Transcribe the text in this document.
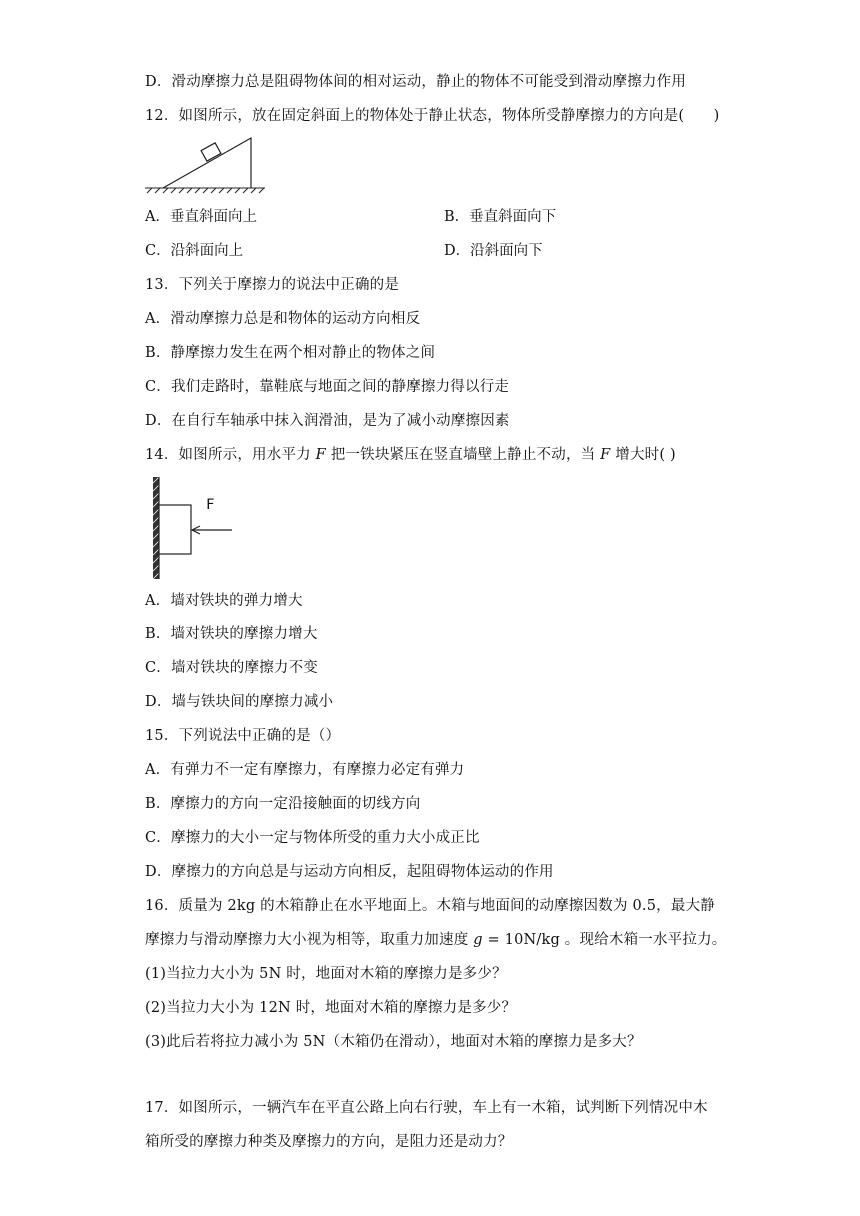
D．滑动摩擦力总是阻碍物体间的相对运动，静止的物体不可能受到滑动摩擦力作用
12．如图所示，放在固定斜面上的物体处于静止状态，物体所受静摩擦力的方向是(　　)
A．垂直斜面向上	B．垂直斜面向下
C．沿斜面向上	D．沿斜面向下
13．下列关于摩擦力的说法中正确的是
A．滑动摩擦力总是和物体的运动方向相反
B．静摩擦力发生在两个相对静止的物体之间
C．我们走路时，靠鞋底与地面之间的静摩擦力得以行走
D．在自行车轴承中抹入润滑油，是为了减小动摩擦因素
14．如图所示，用水平力 F 把一铁块紧压在竖直墙壁上静止不动，当 F 增大时( )
F
A．墙对铁块的弹力增大
B．墙对铁块的摩擦力增大
C．墙对铁块的摩擦力不变
D．墙与铁块间的摩擦力减小
15．下列说法中正确的是（）
A．有弹力不一定有摩擦力，有摩擦力必定有弹力
B．摩擦力的方向一定沿接触面的切线方向
C．摩擦力的大小一定与物体所受的重力大小成正比
D．摩擦力的方向总是与运动方向相反，起阻碍物体运动的作用
16．质量为 2kg 的木箱静止在水平地面上。木箱与地面间的动摩擦因数为 0.5，最大静
摩擦力与滑动摩擦力大小视为相等，取重力加速度 g = 10N/kg 。现给木箱一水平拉力。
(1)当拉力大小为 5N 时，地面对木箱的摩擦力是多少？
(2)当拉力大小为 12N 时，地面对木箱的摩擦力是多少？
(3)此后若将拉力减小为 5N（木箱仍在滑动），地面对木箱的摩擦力是多大？
17．如图所示，一辆汽车在平直公路上向右行驶，车上有一木箱，试判断下列情况中木
箱所受的摩擦力种类及摩擦力的方向，是阻力还是动力？
